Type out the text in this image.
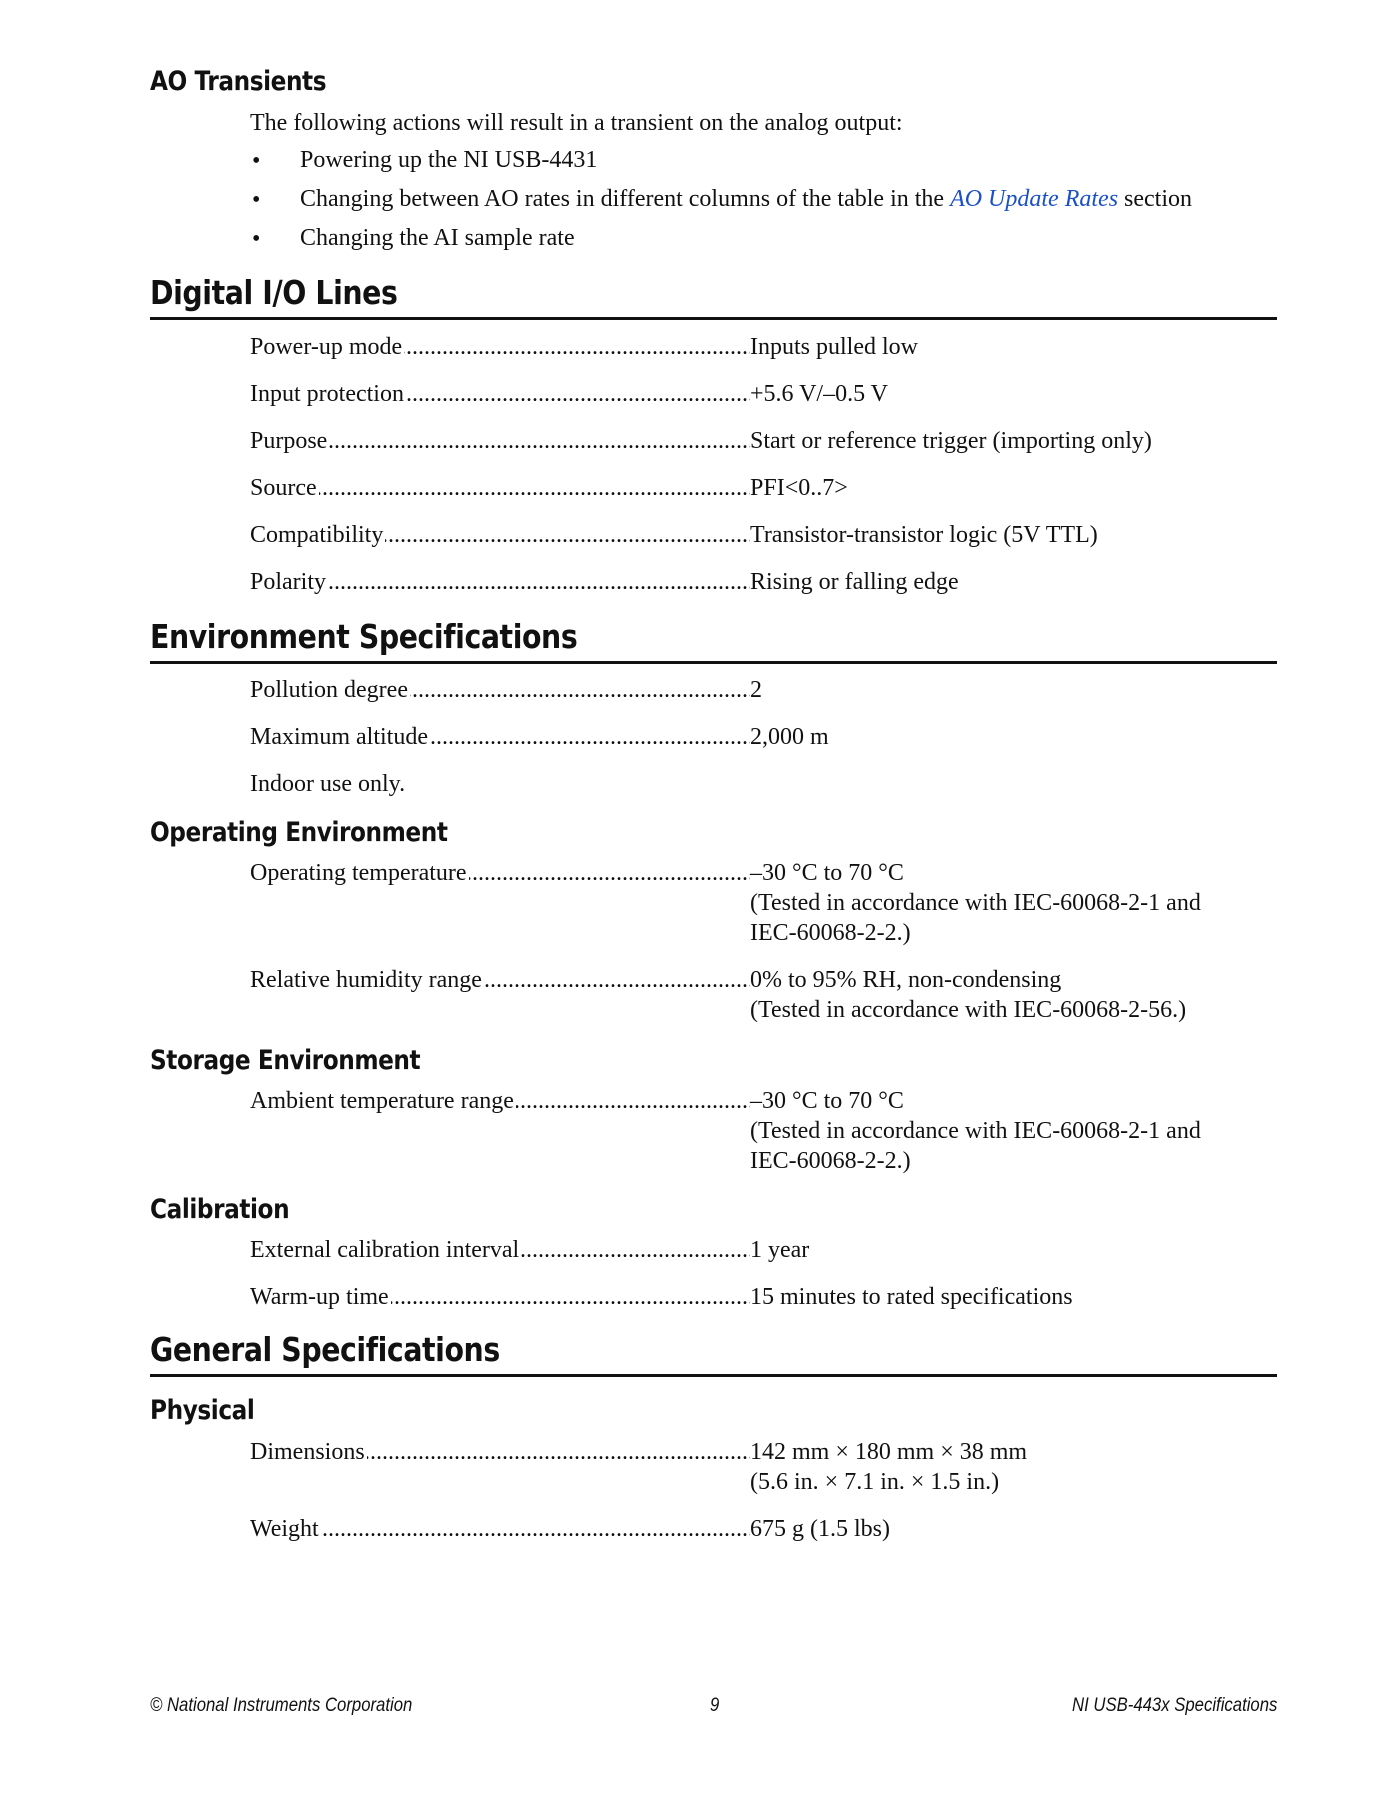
AO Transients
The following actions will result in a transient on the analog output:
• Powering up the NI USB-4431
• Changing between AO rates in different columns of the table in the AO Update Rates section
• Changing the AI sample rate
Digital I/O Lines
Power-up mode .....	Inputs pulled low
Input protection .....	+5.6 V/–0.5 V
Purpose .....	Start or reference trigger (importing only)
Source .....	PFI<0..7>
Compatibility .....	Transistor-transistor logic (5V TTL)
Polarity .....	Rising or falling edge
Environment Specifications
Pollution degree .....	2
Maximum altitude .....	2,000 m
Indoor use only.
Operating Environment
Operating temperature .....	–30 °C to 70 °C
(Tested in accordance with IEC-60068-2-1 and
IEC-60068-2-2.)
Relative humidity range .....	0% to 95% RH, non-condensing
(Tested in accordance with IEC-60068-2-56.)
Storage Environment
Ambient temperature range .....	–30 °C to 70 °C
(Tested in accordance with IEC-60068-2-1 and
IEC-60068-2-2.)
Calibration
External calibration interval .....	1 year
Warm-up time .....	15 minutes to rated specifications
General Specifications
Physical
Dimensions .....	142 mm × 180 mm × 38 mm
(5.6 in. × 7.1 in. × 1.5 in.)
Weight .....	675 g (1.5 lbs)
© National Instruments Corporation	9	NI USB-443x Specifications
